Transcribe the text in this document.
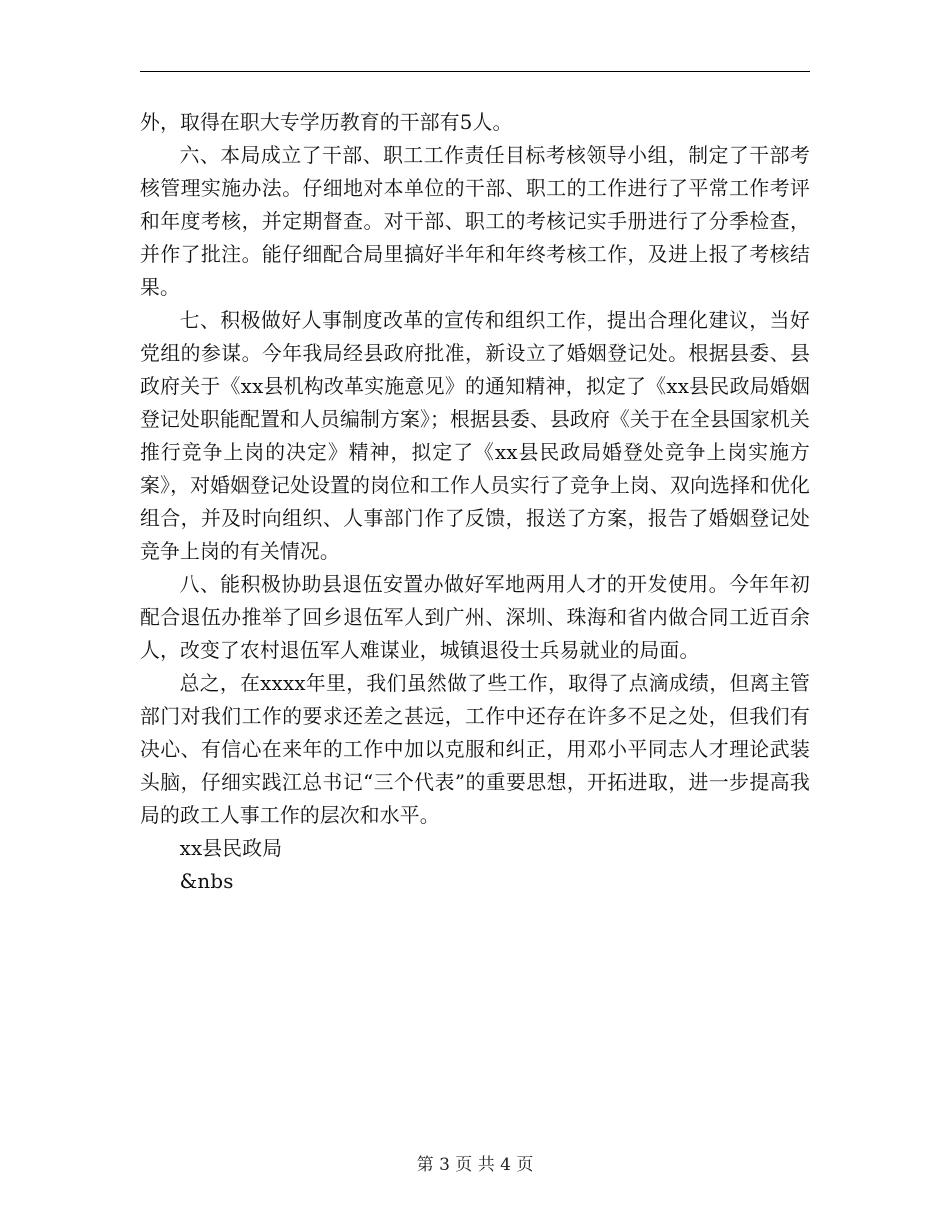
外，取得在职大专学历教育的干部有5人。

六、本局成立了干部、职工工作责任目标考核领导小组，制定了干部考核管理实施办法。仔细地对本单位的干部、职工的工作进行了平常工作考评和年度考核，并定期督查。对干部、职工的考核记实手册进行了分季检查，并作了批注。能仔细配合局里搞好半年和年终考核工作，及进上报了考核结果。

七、积极做好人事制度改革的宣传和组织工作，提出合理化建议，当好党组的参谋。今年我局经县政府批准，新设立了婚姻登记处。根据县委、县政府关于《xx县机构改革实施意见》的通知精神，拟定了《xx县民政局婚姻登记处职能配置和人员编制方案》；根据县委、县政府《关于在全县国家机关推行竞争上岗的决定》精神，拟定了《xx县民政局婚登处竞争上岗实施方案》，对婚姻登记处设置的岗位和工作人员实行了竞争上岗、双向选择和优化组合，并及时向组织、人事部门作了反馈，报送了方案，报告了婚姻登记处竞争上岗的有关情况。

八、能积极协助县退伍安置办做好军地两用人才的开发使用。今年年初配合退伍办推举了回乡退伍军人到广州、深圳、珠海和省内做合同工近百余人，改变了农村退伍军人难谋业，城镇退役士兵易就业的局面。

总之，在xxxx年里，我们虽然做了些工作，取得了点滴成绩，但离主管部门对我们工作的要求还差之甚远，工作中还存在许多不足之处，但我们有决心、有信心在来年的工作中加以克服和纠正，用邓小平同志人才理论武装头脑，仔细实践江总书记“三个代表”的重要思想，开拓进取，进一步提高我局的政工人事工作的层次和水平。

xx县民政局

&nbs

第 3 页 共 4 页
